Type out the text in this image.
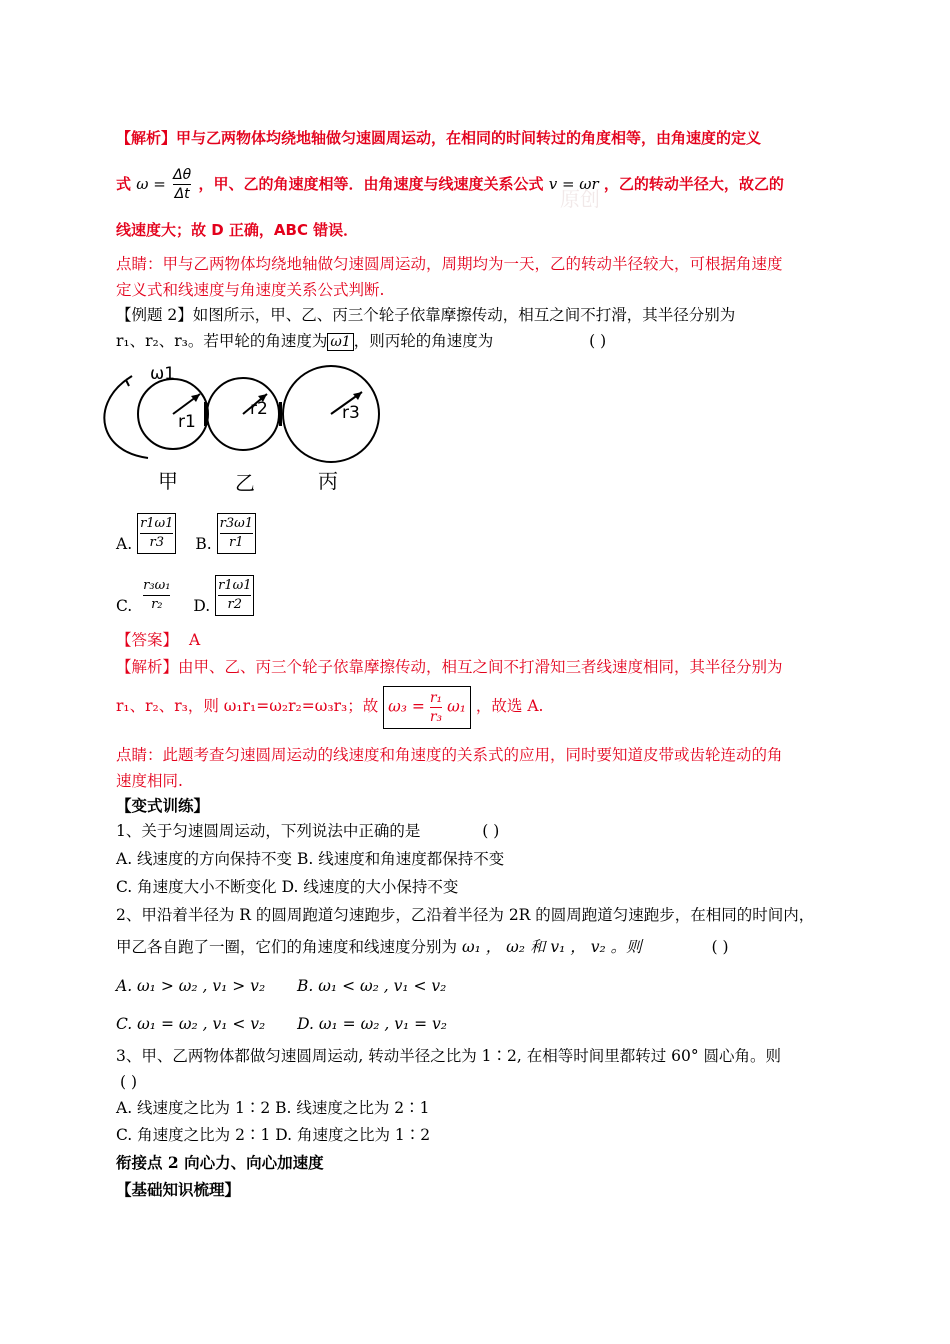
【解析】甲与乙两物体均绕地轴做匀速圆周运动，在相同的时间转过的角度相等，由角速度的定义
式 $\omega = \frac{\Delta\theta}{\Delta t}$ ，甲、乙的角速度相等．由角速度与线速度关系公式 v = ωr ，乙的转动半径大，故乙的
线速度大；故 D 正确，ABC 错误．
原创
点睛：甲与乙两物体均绕地轴做匀速圆周运动，周期均为一天，乙的转动半径较大，可根据角速度
定义式和线速度与角速度关系公式判断.
【例题 2】如图所示，甲、乙、丙三个轮子依靠摩擦传动，相互之间不打滑，其半径分别为
r₁、r₂、r₃。若甲轮的角速度为 ω1 ，则丙轮的角速度为	( )
ω1
r1
r2	r3
甲	乙	丙
A. $\frac{r1\omega 1}{r3} B$. $\frac{r3\omega 1}{r1}$
C. $\frac{\text{r₃ω₁}}{\text{r₂}} D$. $\frac{r1\omega 1}{r2}$
【答案】 A
【解析】由甲、乙、丙三个轮子依靠摩擦传动，相互之间不打滑知三者线速度相同，其半径分别为
r₁、r₂、r₃，则 ω₁r₁=ω₂r₂=ω₃r₃；故 $\omega_3 = \frac{\text{r₁}}{\text{r₃}} \omega_1$ ，故选 A.
点睛：此题考查匀速圆周运动的线速度和角速度的关系式的应用，同时要知道皮带或齿轮连动的角
速度相同.
【变式训练】
1、关于匀速圆周运动，下列说法中正确的是	( )
A. 线速度的方向保持不变 B. 线速度和角速度都保持不变
C. 角速度大小不断变化 D. 线速度的大小保持不变
2、甲沿着半径为 R 的圆周跑道匀速跑步，乙沿着半径为 2R 的圆周跑道匀速跑步，在相同的时间内，
甲乙各自跑了一圈，它们的角速度和线速度分别为 ω₁ ， ω₂ 和 v₁ ， v₂ 。则	( )
A. ω₁ > ω₂ , v₁ > v₂ B. ω₁ < ω₂ , v₁ < v₂
C. ω₁ = ω₂ , v₁ < v₂ D. ω₁ = ω₂ , v₁ = v₂
3、甲、乙两物体都做匀速圆周运动, 转动半径之比为 1∶2, 在相等时间里都转过 60° 圆心角。则
( )
A. 线速度之比为 1∶2 B. 线速度之比为 2∶1
C. 角速度之比为 2∶1 D. 角速度之比为 1∶2
衔接点 2 向心力、向心加速度
【基础知识梳理】
